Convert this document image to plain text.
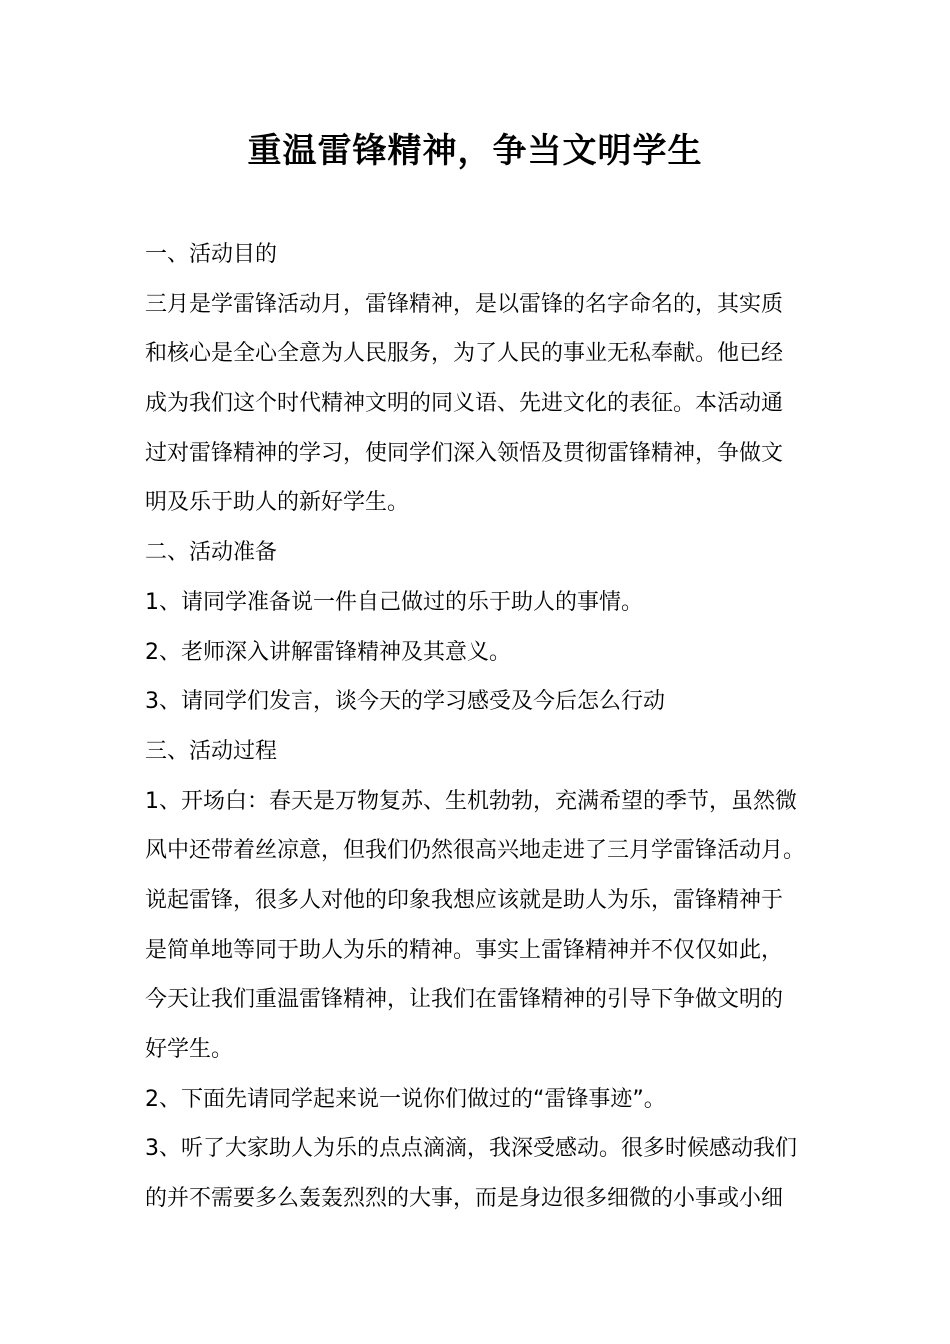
重温雷锋精神，争当文明学生
一、活动目的
三月是学雷锋活动月，雷锋精神，是以雷锋的名字命名的，其实质
和核心是全心全意为人民服务，为了人民的事业无私奉献。他已经
成为我们这个时代精神文明的同义语、先进文化的表征。本活动通
过对雷锋精神的学习，使同学们深入领悟及贯彻雷锋精神，争做文
明及乐于助人的新好学生。
二、活动准备
1、请同学准备说一件自己做过的乐于助人的事情。
2、老师深入讲解雷锋精神及其意义。
3、请同学们发言，谈今天的学习感受及今后怎么行动
三、活动过程
1、开场白：春天是万物复苏、生机勃勃，充满希望的季节，虽然微
风中还带着丝凉意，但我们仍然很高兴地走进了三月学雷锋活动月。
说起雷锋，很多人对他的印象我想应该就是助人为乐，雷锋精神于
是简单地等同于助人为乐的精神。事实上雷锋精神并不仅仅如此，
今天让我们重温雷锋精神，让我们在雷锋精神的引导下争做文明的
好学生。
2、下面先请同学起来说一说你们做过的“雷锋事迹”。
3、听了大家助人为乐的点点滴滴，我深受感动。很多时候感动我们
的并不需要多么轰轰烈烈的大事，而是身边很多细微的小事或小细
